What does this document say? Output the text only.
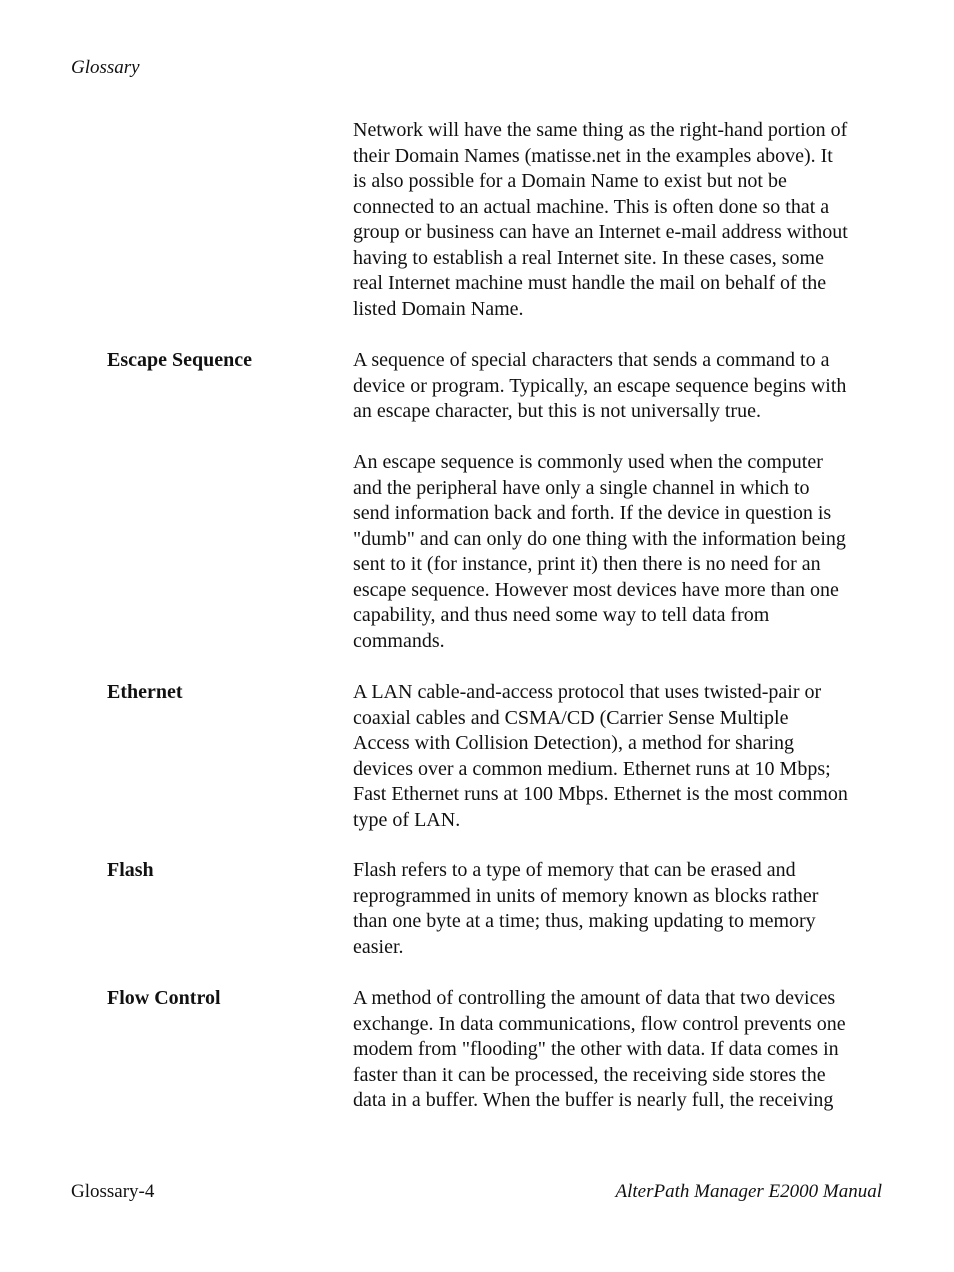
Glossary
Network will have the same thing as the right-hand portion of
their Domain Names (matisse.net in the examples above). It
is also possible for a Domain Name to exist but not be
connected to an actual machine. This is often done so that a
group or business can have an Internet e-mail address without
having to establish a real Internet site. In these cases, some
real Internet machine must handle the mail on behalf of the
listed Domain Name.
Escape Sequence	A sequence of special characters that sends a command to a
device or program. Typically, an escape sequence begins with
an escape character, but this is not universally true.
An escape sequence is commonly used when the computer
and the peripheral have only a single channel in which to
send information back and forth. If the device in question is
"dumb" and can only do one thing with the information being
sent to it (for instance, print it) then there is no need for an
escape sequence. However most devices have more than one
capability, and thus need some way to tell data from
commands.
Ethernet	A LAN cable-and-access protocol that uses twisted-pair or
coaxial cables and CSMA/CD (Carrier Sense Multiple
Access with Collision Detection), a method for sharing
devices over a common medium. Ethernet runs at 10 Mbps;
Fast Ethernet runs at 100 Mbps. Ethernet is the most common
type of LAN.
Flash	Flash refers to a type of memory that can be erased and
reprogrammed in units of memory known as blocks rather
than one byte at a time; thus, making updating to memory
easier.
Flow Control	A method of controlling the amount of data that two devices
exchange. In data communications, flow control prevents one
modem from "flooding" the other with data. If data comes in
faster than it can be processed, the receiving side stores the
data in a buffer. When the buffer is nearly full, the receiving
Glossary-4	AlterPath Manager E2000 Manual
